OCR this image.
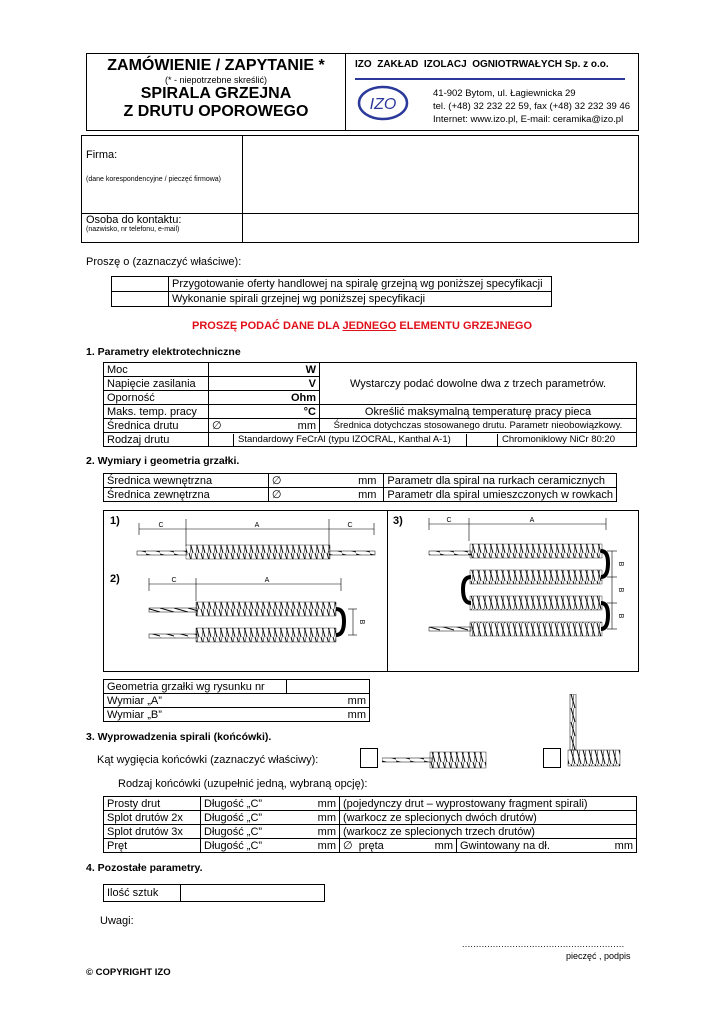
ZAMÓWIENIE / ZAPYTANIE *
(* - niepotrzebne skreślić)
SPIRALA GRZEJNA
Z DRUTU OPOROWEGO
IZO  ZAKŁAD  IZOLACJ  OGNIOTRWAŁYCH Sp. z o.o.
IZO
41-902 Bytom, ul. Łagiewnicka 29
tel. (+48) 32 232 22 59, fax (+48) 32 232 39 46
Internet: www.izo.pl, E-mail: ceramika@izo.pl
Firma:
(dane korespondencyjne / pieczęć firmowa)
Osoba do kontaktu:
(nazwisko, nr telefonu, e-mail)
Proszę o (zaznaczyć właściwe):
	Przygotowanie oferty handlowej na spiralę grzejną wg poniższej specyfikacji
	Wykonanie spirali grzejnej wg poniższej specyfikacji
PROSZĘ PODAĆ DANE DLA JEDNEGO ELEMENTU GRZEJNEGO
1. Parametry elektrotechniczne
Moc	W	Wystarczy podać dowolne dwa z trzech parametrów.
Napięcie zasilania	V	
Oporność	Ohm	
Maks. temp. pracy	°C	Określić maksymalną temperaturę pracy pieca
Średnica drutu	∅ mm	Średnica dotychczas stosowanego drutu. Parametr nieobowiązkowy.
Rodzaj drutu	Standardowy FeCrAl (typu IZOCRAL, Kanthal A-1) Chromoniklowy NiCr 80:20	
2. Wymiary i geometria grzałki.
Średnica wewnętrzna	∅ mm	Parametr dla spiral na rurkach ceramicznych
Średnica zewnętrzna	∅ mm	Parametr dla spiral umieszczonych w rowkach
1)
2)
3)
C	A	C
C	A
B
C	A
B
B
B
Geometria grzałki wg rysunku nr	
Wymiar „A”	mm

Wymiar „B”	mm
3. Wyprowadzenia spirali (końcówki).
Kąt wygięcia końcówki (zaznaczyć właściwy):
Rodzaj końcówki (uzupełnić jedną, wybraną opcję):
Prosty drut	Długość „C” mm	(pojedynczy drut – wyprostowany fragment spirali)	
Splot drutów 2x	Długość „C” mm	(warkocz ze splecionych dwóch drutów)	
Splot drutów 3x	Długość „C” mm	(warkocz ze splecionych trzech drutów)	
Pręt	Długość „C” mm	∅  pręta mm	Gwintowany na dł. mm
4. Pozostałe parametry.
Ilość sztuk	
Uwagi:
..........................................................
pieczęć , podpis
© COPYRIGHT IZO
